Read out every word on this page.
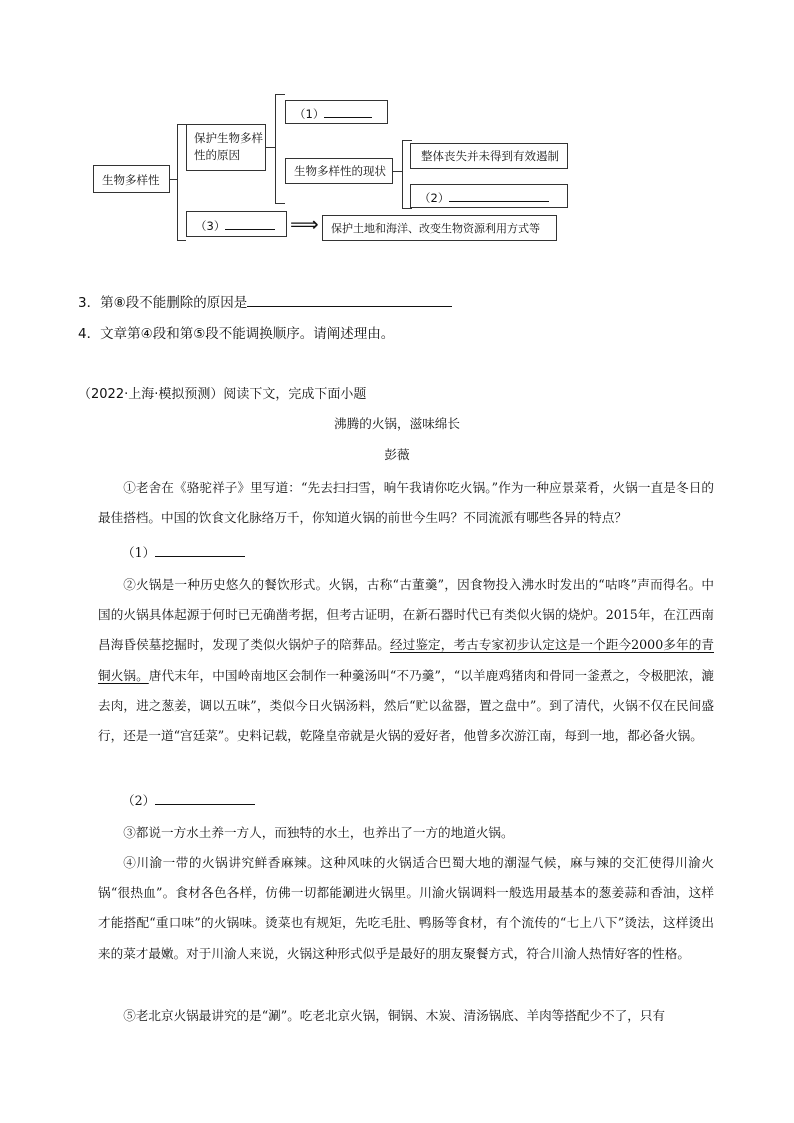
生物多样性
保护生物多样性的原因
（1）
生物多样性的现状
整体丧失并未得到有效遏制
（2）
（3）	⟹	保护土地和海洋、改变生物资源利用方式等
3．第⑧段不能删除的原因是
4．文章第④段和第⑤段不能调换顺序。请阐述理由。
（2022·上海·模拟预测）阅读下文，完成下面小题
沸腾的火锅，滋味绵长
彭薇
①老舍在《骆驼祥子》里写道：“先去扫扫雪，晌午我请你吃火锅。”作为一种应景菜肴，火锅一直是冬日的最佳搭档。中国的饮食文化脉络万千，你知道火锅的前世今生吗？不同流派有哪些各异的特点？
（1）
②火锅是一种历史悠久的餐饮形式。火锅，古称“古董羹”，因食物投入沸水时发出的“咕咚”声而得名。中国的火锅具体起源于何时已无确凿考据，但考古证明，在新石器时代已有类似火锅的烧炉。2015年，在江西南昌海昏侯墓挖掘时，发现了类似火锅炉子的陪葬品。经过鉴定，考古专家初步认定这是一个距今2000多年的青铜火锅。唐代末年，中国岭南地区会制作一种羹汤叫“不乃羹”，“以羊鹿鸡猪肉和骨同一釜煮之，令极肥浓，漉去肉，进之葱姜，调以五味”，类似今日火锅汤料，然后“贮以盆器，置之盘中”。到了清代，火锅不仅在民间盛行，还是一道“宫廷菜”。史料记载，乾隆皇帝就是火锅的爱好者，他曾多次游江南，每到一地，都必备火锅。
（2）
③都说一方水土养一方人，而独特的水土，也养出了一方的地道火锅。
④川渝一带的火锅讲究鲜香麻辣。这种风味的火锅适合巴蜀大地的潮湿气候，麻与辣的交汇使得川渝火锅“很热血”。食材各色各样，仿佛一切都能涮进火锅里。川渝火锅调料一般选用最基本的葱姜蒜和香油，这样才能搭配“重口味”的火锅味。烫菜也有规矩，先吃毛肚、鸭肠等食材，有个流传的“七上八下”烫法，这样烫出来的菜才最嫩。对于川渝人来说，火锅这种形式似乎是最好的朋友聚餐方式，符合川渝人热情好客的性格。
⑤老北京火锅最讲究的是“涮”。吃老北京火锅，铜锅、木炭、清汤锅底、羊肉等搭配少不了，只有
